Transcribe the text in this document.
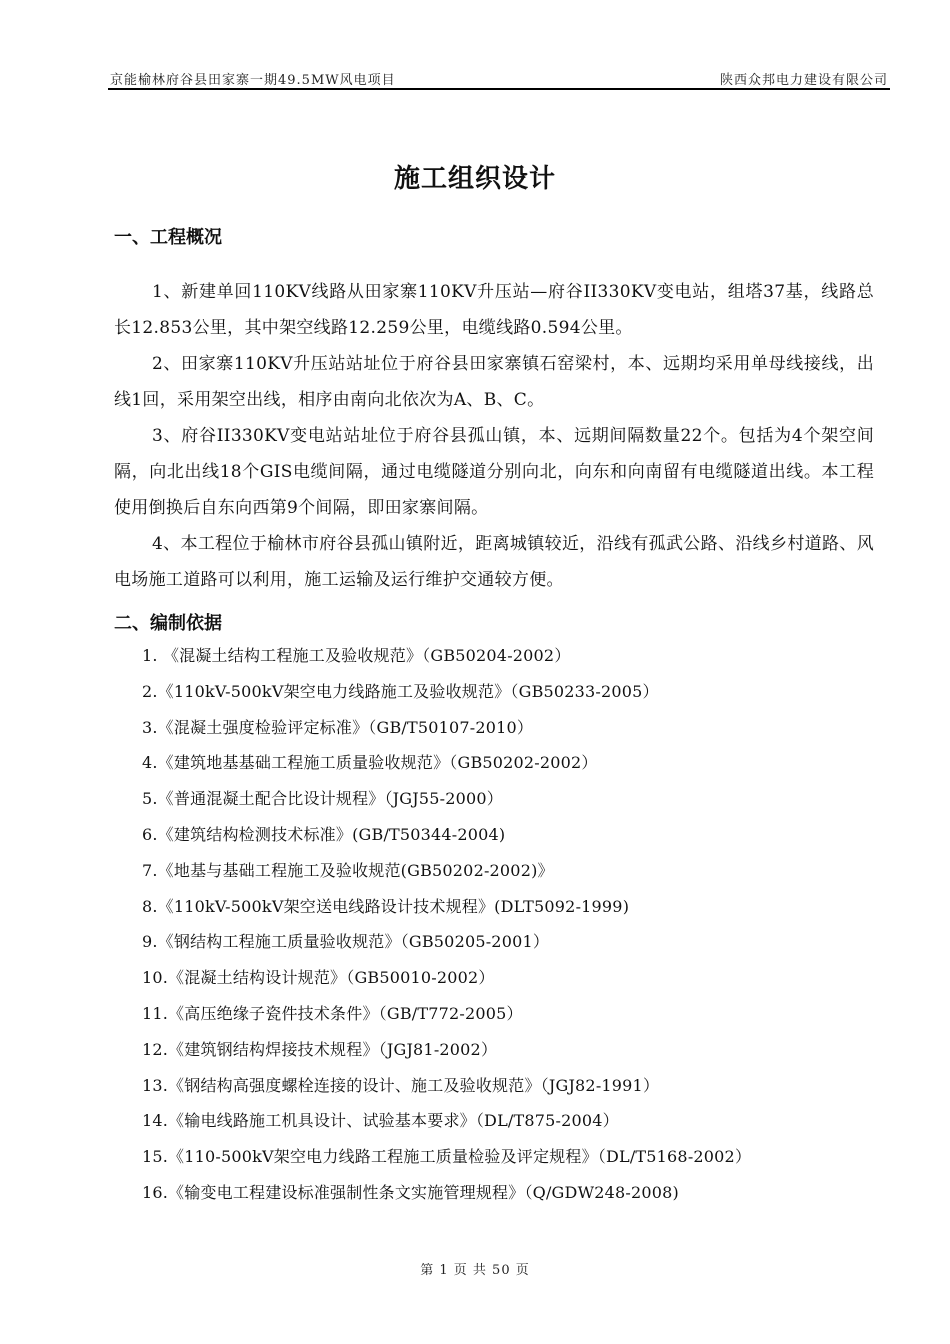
京能榆林府谷县田家寨一期49.5MW风电项目	陕西众邦电力建设有限公司
施工组织设计
一、工程概况
1、新建单回110KV线路从田家寨110KV升压站—府谷II330KV变电站，组塔37基，线路总长12.853公里，其中架空线路12.259公里，电缆线路0.594公里。
2、田家寨110KV升压站站址位于府谷县田家寨镇石窑梁村，本、远期均采用单母线接线，出线1回，采用架空出线，相序由南向北依次为A、B、C。
3、府谷II330KV变电站站址位于府谷县孤山镇，本、远期间隔数量22个。包括为4个架空间隔，向北出线18个GIS电缆间隔，通过电缆隧道分别向北，向东和向南留有电缆隧道出线。本工程使用倒换后自东向西第9个间隔，即田家寨间隔。
4、本工程位于榆林市府谷县孤山镇附近，距离城镇较近，沿线有孤武公路、沿线乡村道路、风电场施工道路可以利用，施工运输及运行维护交通较方便。
二、编制依据
1. 《混凝土结构工程施工及验收规范》（GB50204-2002）
2.《110kV-500kV架空电力线路施工及验收规范》（GB50233-2005）
3.《混凝土强度检验评定标准》（GB/T50107-2010）
4.《建筑地基基础工程施工质量验收规范》（GB50202-2002）
5.《普通混凝土配合比设计规程》（JGJ55-2000）
6.《建筑结构检测技术标准》(GB/T50344-2004)
7.《地基与基础工程施工及验收规范(GB50202-2002)》
8.《110kV-500kV架空送电线路设计技术规程》(DLT5092-1999)
9.《钢结构工程施工质量验收规范》（GB50205-2001）
10.《混凝土结构设计规范》（GB50010-2002）
11.《高压绝缘子瓷件技术条件》（GB/T772-2005）
12.《建筑钢结构焊接技术规程》（JGJ81-2002）
13.《钢结构高强度螺栓连接的设计、施工及验收规范》（JGJ82-1991）
14.《输电线路施工机具设计、试验基本要求》（DL/T875-2004）
15.《110-500kV架空电力线路工程施工质量检验及评定规程》（DL/T5168-2002）
16.《输变电工程建设标准强制性条文实施管理规程》（Q/GDW248-2008)
第 1 页 共 50 页
